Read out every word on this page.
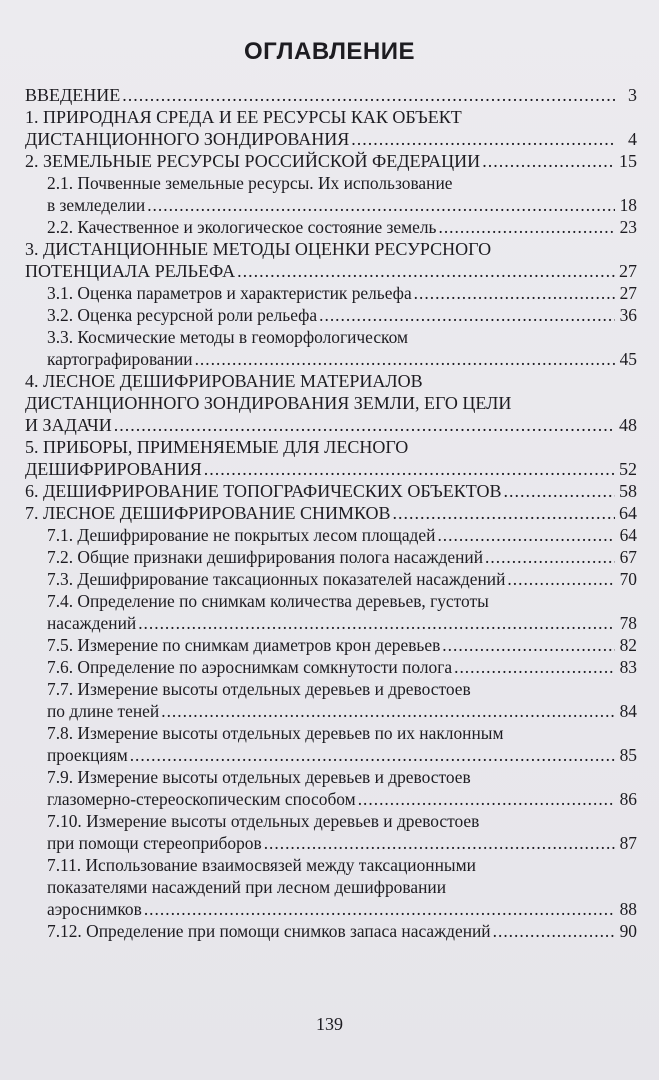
ОГЛАВЛЕНИЕ
ВВЕДЕНИЕ .....	3
1. ПРИРОДНАЯ СРЕДА И ЕЕ РЕСУРСЫ КАК ОБЪЕКТ
ДИСТАНЦИОННОГО ЗОНДИРОВАНИЯ .....	4
2. ЗЕМЕЛЬНЫЕ РЕСУРСЫ РОССИЙСКОЙ ФЕДЕРАЦИИ .....	15
2.1. Почвенные земельные ресурсы. Их использование
в земледелии .....	18
2.2. Качественное и экологическое состояние земель .....	23
3. ДИСТАНЦИОННЫЕ МЕТОДЫ ОЦЕНКИ РЕСУРСНОГО
ПОТЕНЦИАЛА РЕЛЬЕФА .....	27
3.1. Оценка параметров и характеристик рельефа .....	27
3.2. Оценка ресурсной роли рельефа .....	36
3.3. Космические методы в геоморфологическом
картографировании .....	45
4. ЛЕСНОЕ ДЕШИФРИРОВАНИЕ МАТЕРИАЛОВ
ДИСТАНЦИОННОГО ЗОНДИРОВАНИЯ ЗЕМЛИ, ЕГО ЦЕЛИ
И ЗАДАЧИ .....	48
5. ПРИБОРЫ, ПРИМЕНЯЕМЫЕ ДЛЯ ЛЕСНОГО
ДЕШИФРИРОВАНИЯ .....	52
6. ДЕШИФРИРОВАНИЕ ТОПОГРАФИЧЕСКИХ ОБЪЕКТОВ .....	58
7. ЛЕСНОЕ ДЕШИФРИРОВАНИЕ СНИМКОВ .....	64
7.1. Дешифрирование не покрытых лесом площадей .....	64
7.2. Общие признаки дешифрирования полога насаждений .....	67
7.3. Дешифрирование таксационных показателей насаждений .....	70
7.4. Определение по снимкам количества деревьев, густоты
насаждений .....	78
7.5. Измерение по снимкам диаметров крон деревьев .....	82
7.6. Определение по аэроснимкам сомкнутости полога .....	83
7.7. Измерение высоты отдельных деревьев и древостоев
по длине теней .....	84
7.8. Измерение высоты отдельных деревьев по их наклонным
проекциям .....	85
7.9. Измерение высоты отдельных деревьев и древостоев
глазомерно-стереоскопическим способом .....	86
7.10. Измерение высоты отдельных деревьев и древостоев
при помощи стереоприборов .....	87
7.11. Использование взаимосвязей между таксационными
показателями насаждений при лесном дешифровании
аэроснимков .....	88
7.12. Определение при помощи снимков запаса насаждений .....	90
139
